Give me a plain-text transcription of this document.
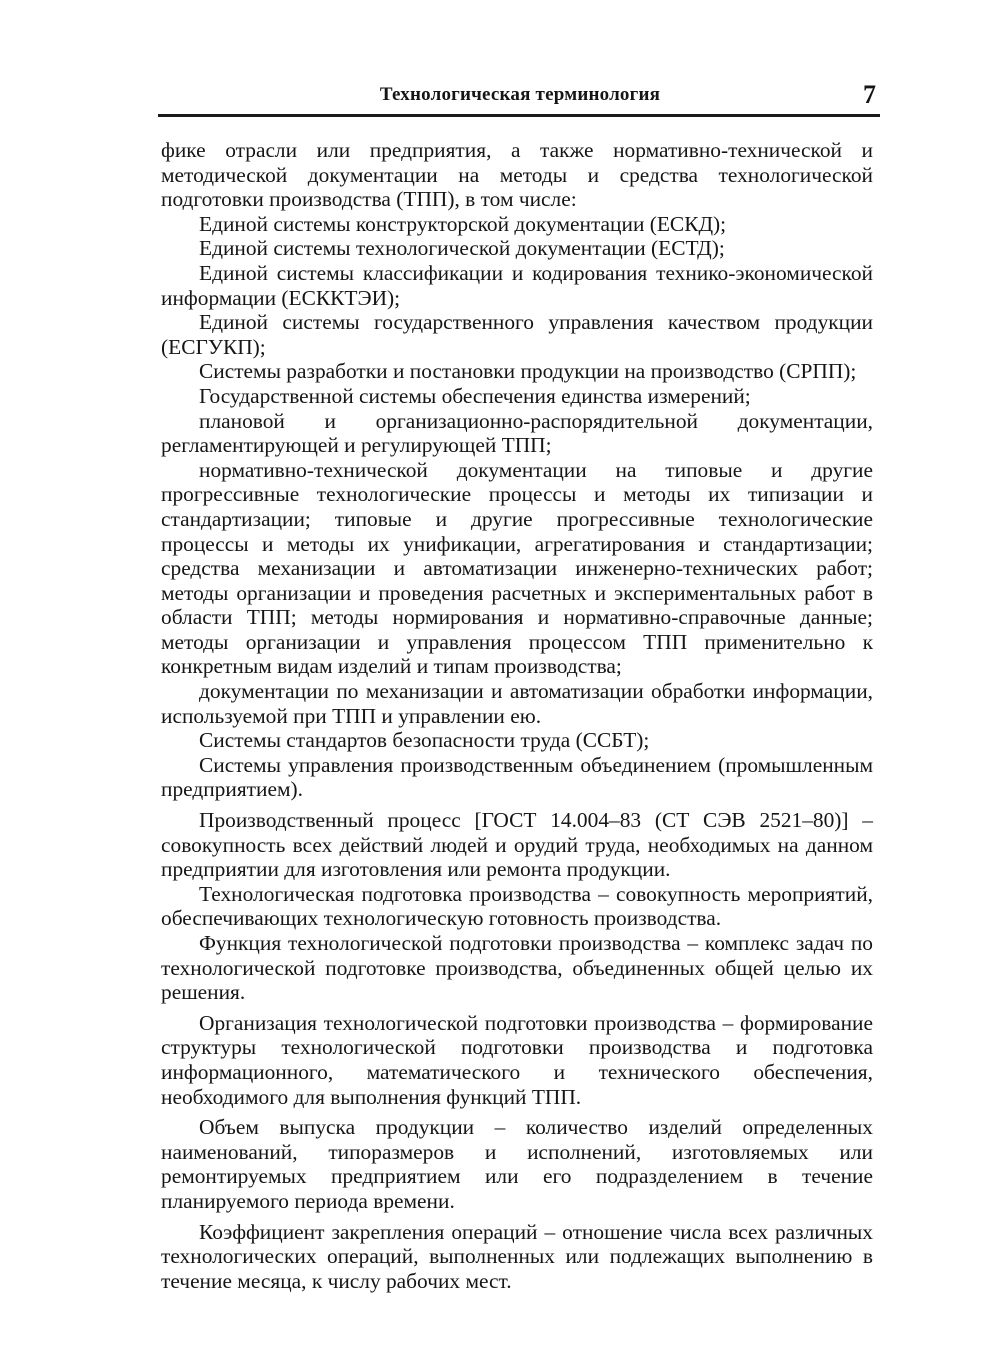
Технологическая терминология	7

фике отрасли или предприятия, а также нормативно-технической и методической документации на методы и средства технологической подготовки производства (ТПП), в том числе:

Единой системы конструкторской документации (ЕСКД);

Единой системы технологической документации (ЕСТД);

Единой системы классификации и кодирования технико-экономической информации (ЕСККТЭИ);

Единой системы государственного управления качеством продукции (ЕСГУКП);

Системы разработки и постановки продукции на производство (СРПП);

Государственной системы обеспечения единства измерений;

плановой и организационно-распорядительной документации, регламентирующей и регулирующей ТПП;

нормативно-технической документации на типовые и другие прогрессивные технологические процессы и методы их типизации и стандартизации; типовые и другие прогрессивные технологические процессы и методы их унификации, агрегатирования и стандартизации; средства механизации и автоматизации инженерно-технических работ; методы организации и проведения расчетных и экспериментальных работ в области ТПП; методы нормирования и нормативно-справочные данные; методы организации и управления процессом ТПП применительно к конкретным видам изделий и типам производства;

документации по механизации и автоматизации обработки информации, используемой при ТПП и управлении ею.

Системы стандартов безопасности труда (ССБТ);

Системы управления производственным объединением (промышленным предприятием).

Производственный процесс [ГОСТ 14.004–83 (СТ СЭВ 2521–80)] – совокупность всех действий людей и орудий труда, необходимых на данном предприятии для изготовления или ремонта продукции.

Технологическая подготовка производства – совокупность мероприятий, обеспечивающих технологическую готовность производства.

Функция технологической подготовки производства – комплекс задач по технологической подготовке производства, объединенных общей целью их решения.

Организация технологической подготовки производства – формирование структуры технологической подготовки производства и подготовка информационного, математического и технического обеспечения, необходимого для выполнения функций ТПП.

Объем выпуска продукции – количество изделий определенных наименований, типоразмеров и исполнений, изготовляемых или ремонтируемых предприятием или его подразделением в течение планируемого периода времени.

Коэффициент закрепления операций – отношение числа всех различных технологических операций, выполненных или подлежащих выполнению в течение месяца, к числу рабочих мест.
